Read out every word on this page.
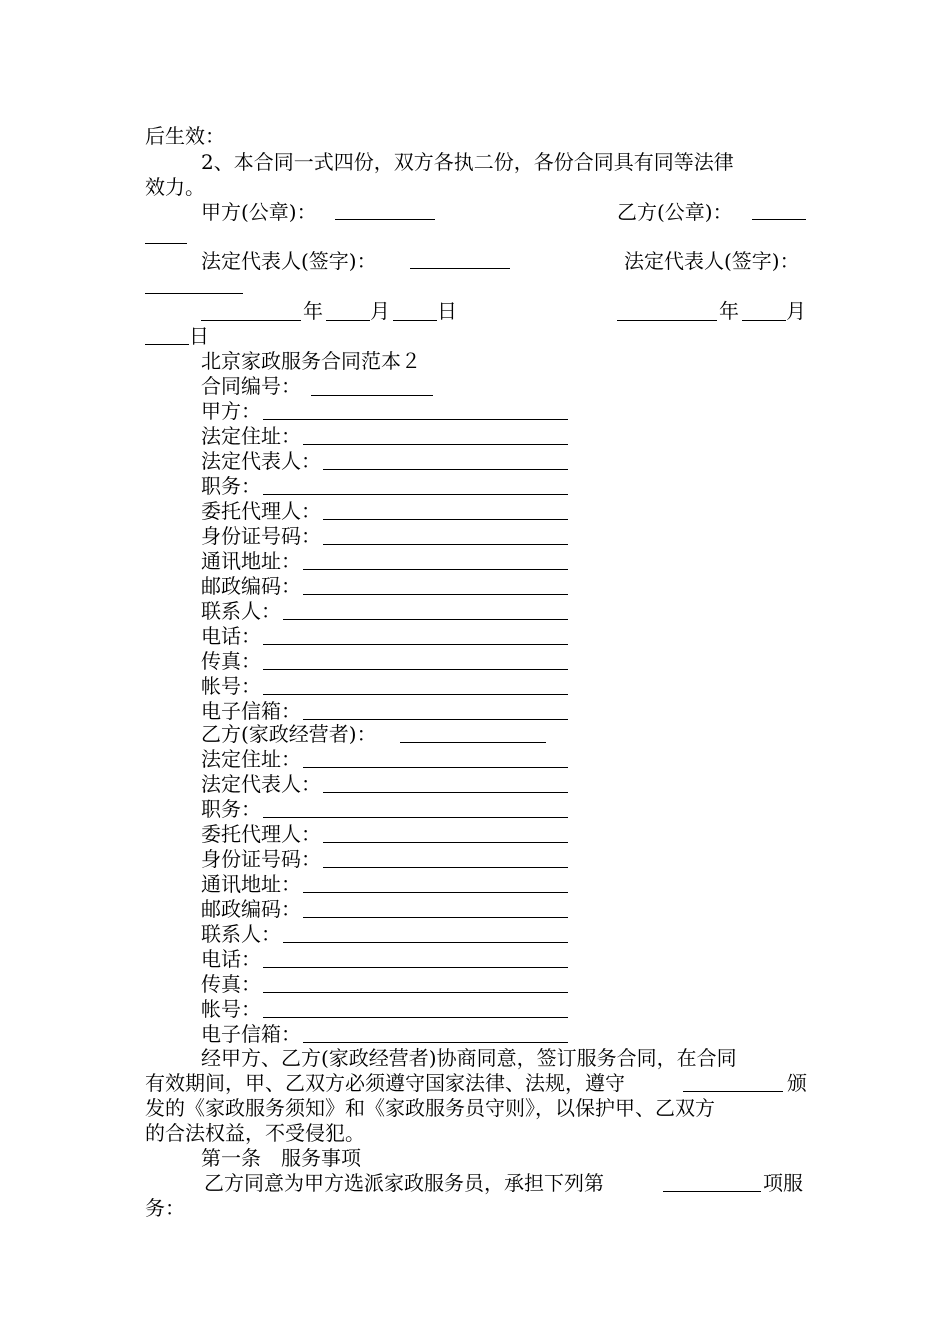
后生效：
2、本合同一式四份，双方各执二份，各份合同具有同等法律
效力。
甲方(公章)：	乙方(公章)：
法定代表人(签字)：	法定代表人(签字)：
年 月 日	年 月
日
北京家政服务合同范本２
合同编号：
甲方：
法定住址：
法定代表人：
职务：
委托代理人：
身份证号码：
通讯地址：
邮政编码：
联系人：
电话：
传真：
帐号：
电子信箱：
乙方(家政经营者)：
法定住址：
法定代表人：
职务：
委托代理人：
身份证号码：
通讯地址：
邮政编码：
联系人：
电话：
传真：
帐号：
电子信箱：
经甲方、乙方(家政经营者)协商同意，签订服务合同，在合同
有效期间，甲、乙双方必须遵守国家法律、法规，遵守	颁
发的《家政服务须知》和《家政服务员守则》，以保护甲、乙双方
的合法权益，不受侵犯。
第一条　服务事项
乙方同意为甲方选派家政服务员，承担下列第	项服
务：
